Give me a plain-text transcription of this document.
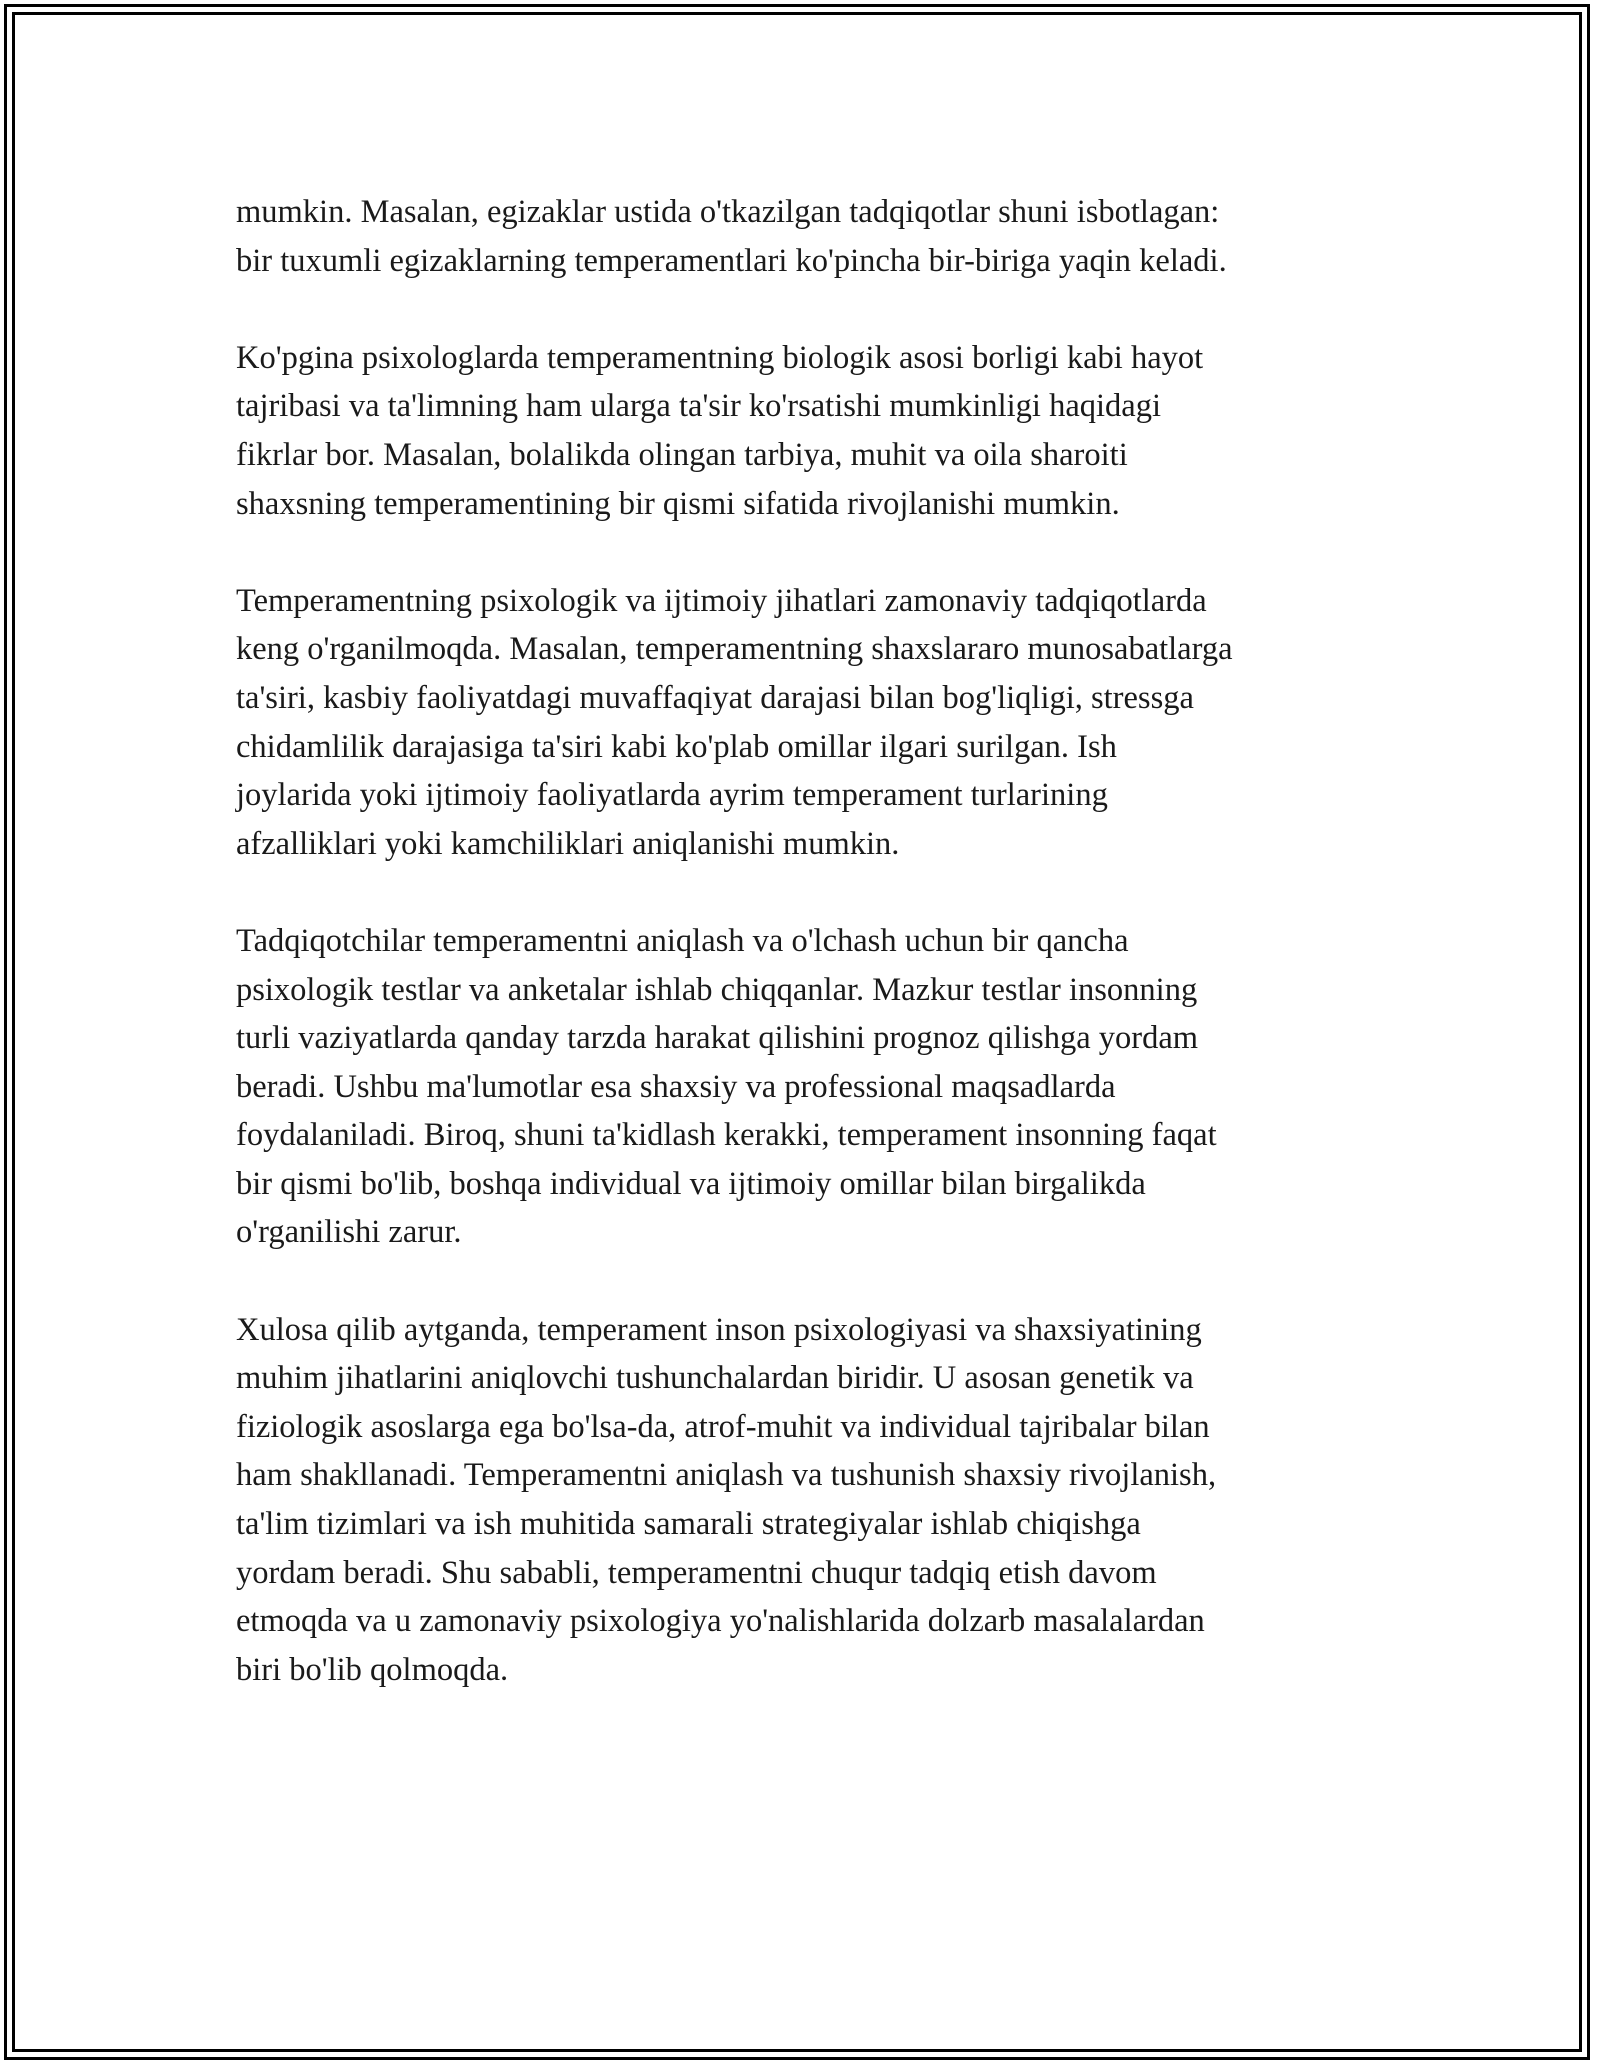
mumkin. Masalan, egizaklar ustida o'tkazilgan tadqiqotlar shuni isbotlagan:
bir tuxumli egizaklarning temperamentlari ko'pincha bir-biriga yaqin keladi.

Ko'pgina psixologlarda temperamentning biologik asosi borligi kabi hayot
tajribasi va ta'limning ham ularga ta'sir ko'rsatishi mumkinligi haqidagi
fikrlar bor. Masalan, bolalikda olingan tarbiya, muhit va oila sharoiti
shaxsning temperamentining bir qismi sifatida rivojlanishi mumkin.

Temperamentning psixologik va ijtimoiy jihatlari zamonaviy tadqiqotlarda
keng o'rganilmoqda. Masalan, temperamentning shaxslararo munosabatlarga
ta'siri, kasbiy faoliyatdagi muvaffaqiyat darajasi bilan bog'liqligi, stressga
chidamlilik darajasiga ta'siri kabi ko'plab omillar ilgari surilgan. Ish
joylarida yoki ijtimoiy faoliyatlarda ayrim temperament turlarining
afzalliklari yoki kamchiliklari aniqlanishi mumkin.

Tadqiqotchilar temperamentni aniqlash va o'lchash uchun bir qancha
psixologik testlar va anketalar ishlab chiqqanlar. Mazkur testlar insonning
turli vaziyatlarda qanday tarzda harakat qilishini prognoz qilishga yordam
beradi. Ushbu ma'lumotlar esa shaxsiy va professional maqsadlarda
foydalaniladi. Biroq, shuni ta'kidlash kerakki, temperament insonning faqat
bir qismi bo'lib, boshqa individual va ijtimoiy omillar bilan birgalikda
o'rganilishi zarur.

Xulosa qilib aytganda, temperament inson psixologiyasi va shaxsiyatining
muhim jihatlarini aniqlovchi tushunchalardan biridir. U asosan genetik va
fiziologik asoslarga ega bo'lsa-da, atrof-muhit va individual tajribalar bilan
ham shakllanadi. Temperamentni aniqlash va tushunish shaxsiy rivojlanish,
ta'lim tizimlari va ish muhitida samarali strategiyalar ishlab chiqishga
yordam beradi. Shu sababli, temperamentni chuqur tadqiq etish davom
etmoqda va u zamonaviy psixologiya yo'nalishlarida dolzarb masalalardan
biri bo'lib qolmoqda.
